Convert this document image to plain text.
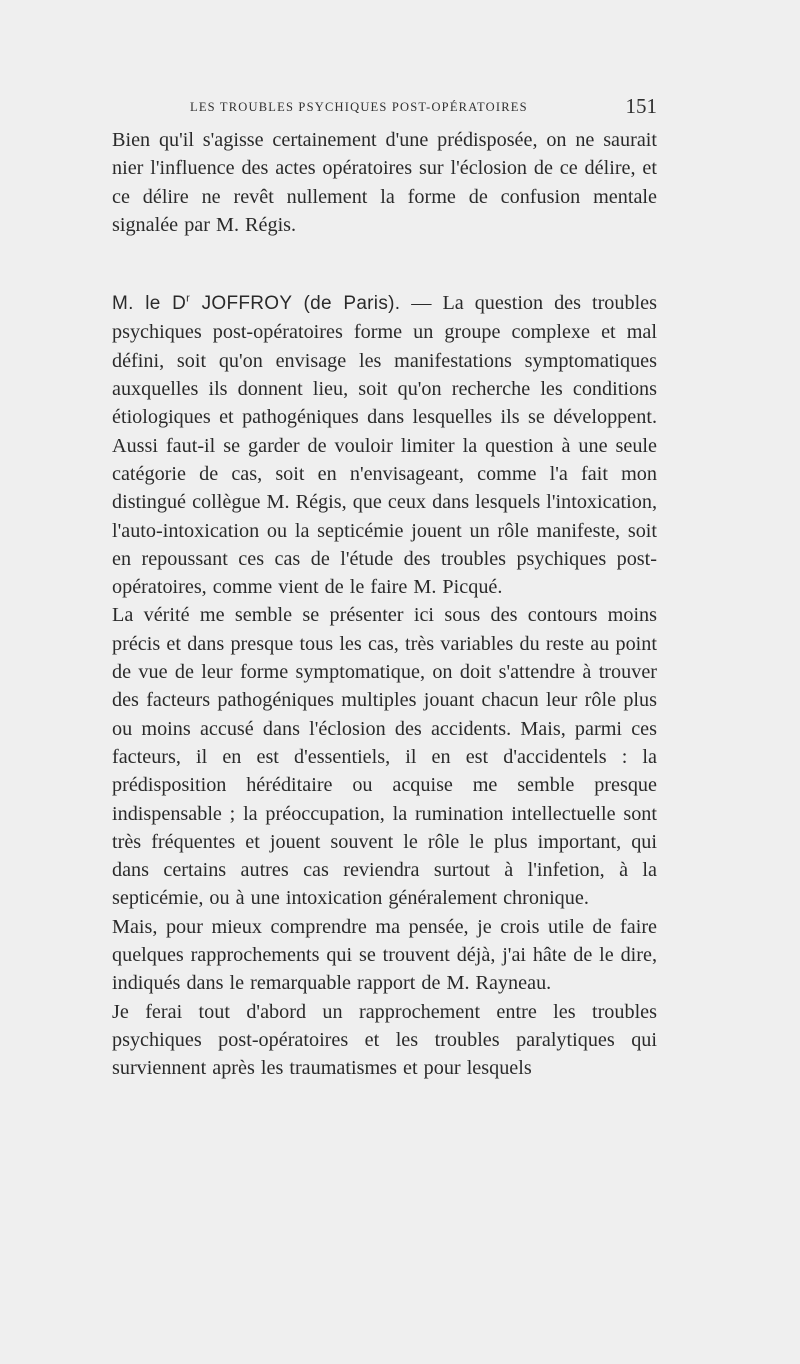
LES TROUBLES PSYCHIQUES POST-OPÉRATOIRES	151

Bien qu'il s'agisse certainement d'une prédisposée, on ne saurait nier l'influence des actes opératoires sur l'éclosion de ce délire, et ce délire ne revêt nullement la forme de confusion mentale signalée par M. Régis.

M. le $D^r$ JOFFROY (de Paris). — La question des troubles psychiques post-opératoires forme un groupe complexe et mal défini, soit qu'on envisage les manifestations symptomatiques auxquelles ils donnent lieu, soit qu'on recherche les conditions étiologiques et pathogéniques dans lesquelles ils se développent. Aussi faut-il se garder de vouloir limiter la question à une seule catégorie de cas, soit en n'envisageant, comme l'a fait mon distingué collègue M. Régis, que ceux dans lesquels l'intoxication, l'auto-intoxication ou la septicémie jouent un rôle manifeste, soit en repoussant ces cas de l'étude des troubles psychiques post-opératoires, comme vient de le faire M. Picqué.

La vérité me semble se présenter ici sous des contours moins précis et dans presque tous les cas, très variables du reste au point de vue de leur forme symptomatique, on doit s'attendre à trouver des facteurs pathogéniques multiples jouant chacun leur rôle plus ou moins accusé dans l'éclosion des accidents. Mais, parmi ces facteurs, il en est d'essentiels, il en est d'accidentels : la prédisposition héréditaire ou acquise me semble presque indispensable ; la préoccupation, la rumination intellectuelle sont très fréquentes et jouent souvent le rôle le plus important, qui dans certains autres cas reviendra surtout à l'infetion, à la septicémie, ou à une intoxication généralement chronique.

Mais, pour mieux comprendre ma pensée, je crois utile de faire quelques rapprochements qui se trouvent déjà, j'ai hâte de le dire, indiqués dans le remarquable rapport de M. Rayneau.

Je ferai tout d'abord un rapprochement entre les troubles psychiques post-opératoires et les troubles paralytiques qui surviennent après les traumatismes et pour lesquels
